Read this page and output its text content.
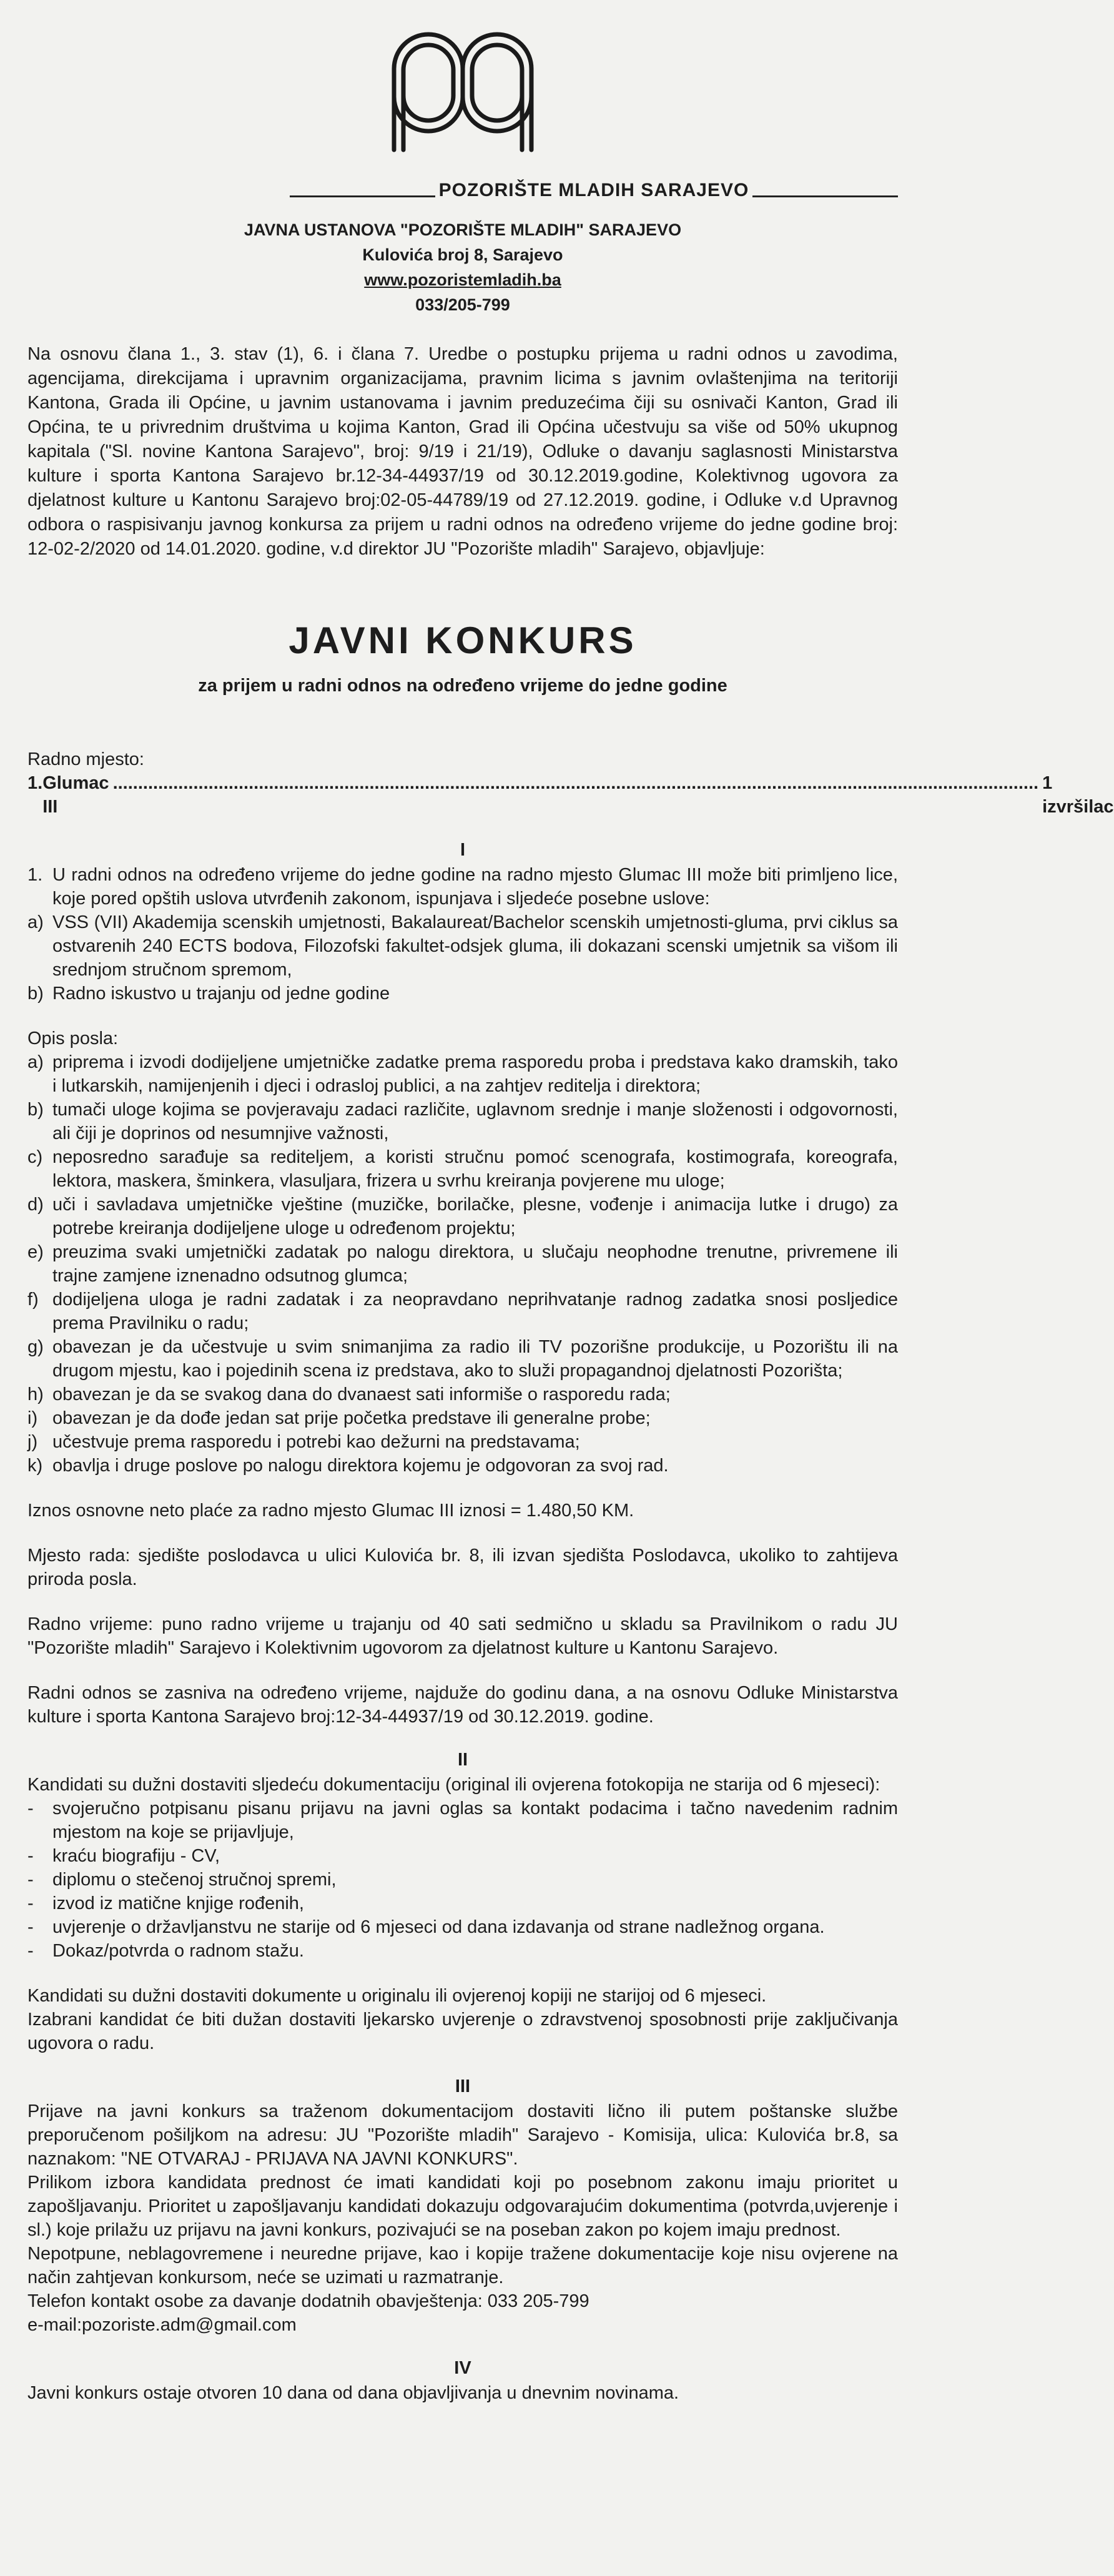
POZORIŠTE MLADIH SARAJEVO
JAVNA USTANOVA "POZORIŠTE MLADIH" SARAJEVO
Kulovića broj 8, Sarajevo
www.pozoristemladih.ba
033/205-799

Na osnovu člana 1., 3. stav (1), 6. i člana 7. Uredbe o postupku prijema u radni odnos u zavodima, agencijama, direkcijama i upravnim organizacijama, pravnim licima s javnim ovlaštenjima na teritoriji Kantona, Grada ili Općine, u javnim ustanovama i javnim preduzećima čiji su osnivači Kanton, Grad ili Općina, te u privrednim društvima u kojima Kanton, Grad ili Općina učestvuju sa više od 50% ukupnog kapitala ("Sl. novine Kantona Sarajevo", broj: 9/19 i 21/19), Odluke o davanju saglasnosti Ministarstva kulture i sporta Kantona Sarajevo br.12-34-44937/19 od 30.12.2019.godine, Kolektivnog ugovora za djelatnost kulture u Kantonu Sarajevo broj:02-05-44789/19 od 27.12.2019. godine, i Odluke v.d Upravnog odbora o raspisivanju javnog konkursa za prijem u radni odnos na određeno vrijeme do jedne godine broj: 12-02-2/2020 od 14.01.2020. godine, v.d direktor JU "Pozorište mladih" Sarajevo, objavljuje:

JAVNI KONKURS
za prijem u radni odnos na određeno vrijeme do jedne godine
Radno mjesto:
1. Glumac III
........................................................................................................................................................................................ 1 izvršilac
I
1. U radni odnos na određeno vrijeme do jedne godine na radno mjesto Glumac III može biti primljeno lice, koje pored opštih uslova utvrđenih zakonom, ispunjava i sljedeće posebne uslove:
a) VSS (VII) Akademija scenskih umjetnosti, Bakalaureat/Bachelor scenskih umjetnosti-gluma, prvi ciklus sa ostvarenih 240 ECTS bodova, Filozofski fakultet-odsjek gluma, ili dokazani scenski umjetnik sa višom ili srednjom stručnom spremom,
b) Radno iskustvo u trajanju od jedne godine
Opis posla:
a) priprema i izvodi dodijeljene umjetničke zadatke prema rasporedu proba i predstava kako dramskih, tako i lutkarskih, namijenjenih i djeci i odrasloj publici, a na zahtjev reditelja i direktora;
b) tumači uloge kojima se povjeravaju zadaci različite, uglavnom srednje i manje složenosti i odgovornosti, ali čiji je doprinos od nesumnjive važnosti,
c) neposredno sarađuje sa rediteljem, a koristi stručnu pomoć scenografa, kostimografa, koreografa, lektora, maskera, šminkera, vlasuljara, frizera u svrhu kreiranja povjerene mu uloge;
d) uči i savladava umjetničke vještine (muzičke, borilačke, plesne, vođenje i animacija lutke i drugo) za potrebe kreiranja dodijeljene uloge u određenom projektu;
e) preuzima svaki umjetnički zadatak po nalogu direktora, u slučaju neophodne trenutne, privremene ili trajne zamjene iznenadno odsutnog glumca;
f) dodijeljena uloga je radni zadatak i za neopravdano neprihvatanje radnog zadatka snosi posljedice prema Pravilniku o radu;
g) obavezan je da učestvuje u svim snimanjima za radio ili TV pozorišne produkcije, u Pozorištu ili na drugom mjestu, kao i pojedinih scena iz predstava, ako to služi propagandnoj djelatnosti Pozorišta;
h) obavezan je da se svakog dana do dvanaest sati informiše o rasporedu rada;
i) obavezan je da dođe jedan sat prije početka predstave ili generalne probe;
j) učestvuje prema rasporedu i potrebi kao dežurni na predstavama;
k) obavlja i druge poslove po nalogu direktora kojemu je odgovoran za svoj rad.

Iznos osnovne neto plaće za radno mjesto Glumac III iznosi = 1.480,50 KM.

Mjesto rada: sjedište poslodavca u ulici Kulovića br. 8, ili izvan sjedišta Poslodavca, ukoliko to zahtijeva priroda posla.

Radno vrijeme: puno radno vrijeme u trajanju od 40 sati sedmično u skladu sa Pravilnikom o radu JU "Pozorište mladih" Sarajevo i Kolektivnim ugovorom za djelatnost kulture u Kantonu Sarajevo.

Radni odnos se zasniva na određeno vrijeme, najduže do godinu dana, a na osnovu Odluke Ministarstva kulture i sporta Kantona Sarajevo broj:12-34-44937/19 od 30.12.2019. godine.

II

Kandidati su dužni dostaviti sljedeću dokumentaciju (original ili ovjerena fotokopija ne starija od 6 mjeseci):

-	svojeručno potpisanu pisanu prijavu na javni oglas sa kontakt podacima i tačno navedenim radnim mjestom na koje se prijavljuje,
-	kraću biografiju - CV,
-	diplomu o stečenoj stručnoj spremi,
-	izvod iz matične knjige rođenih,
-	uvjerenje o državljanstvu ne starije od 6 mjeseci od dana izdavanja od strane nadležnog organa.
-	Dokaz/potvrda o radnom stažu.

Kandidati su dužni dostaviti dokumente u originalu ili ovjerenoj kopiji ne starijoj od 6 mjeseci.

Izabrani kandidat će biti dužan dostaviti ljekarsko uvjerenje o zdravstvenoj sposobnosti prije zaključivanja ugovora o radu.

III

Prijave na javni konkurs sa traženom dokumentacijom dostaviti lično ili putem poštanske službe preporučenom pošiljkom na adresu: JU "Pozorište mladih" Sarajevo - Komisija, ulica: Kulovića br.8, sa naznakom: "NE OTVARAJ - PRIJAVA NA JAVNI KONKURS".

Prilikom izbora kandidata prednost će imati kandidati koji po posebnom zakonu imaju prioritet u zapošljavanju. Prioritet u zapošljavanju kandidati dokazuju odgovarajućim dokumentima (potvrda,uvjerenje i sl.) koje prilažu uz prijavu na javni konkurs, pozivajući se na poseban zakon po kojem imaju prednost.

Nepotpune, neblagovremene i neuredne prijave, kao i kopije tražene dokumentacije koje nisu ovjerene na način zahtjevan konkursom, neće se uzimati u razmatranje.

Telefon kontakt osobe za davanje dodatnih obavještenja: 033 205-799

e-mail:pozoriste.adm@gmail.com

IV

Javni konkurs ostaje otvoren 10 dana od dana objavljivanja u dnevnim novinama.
